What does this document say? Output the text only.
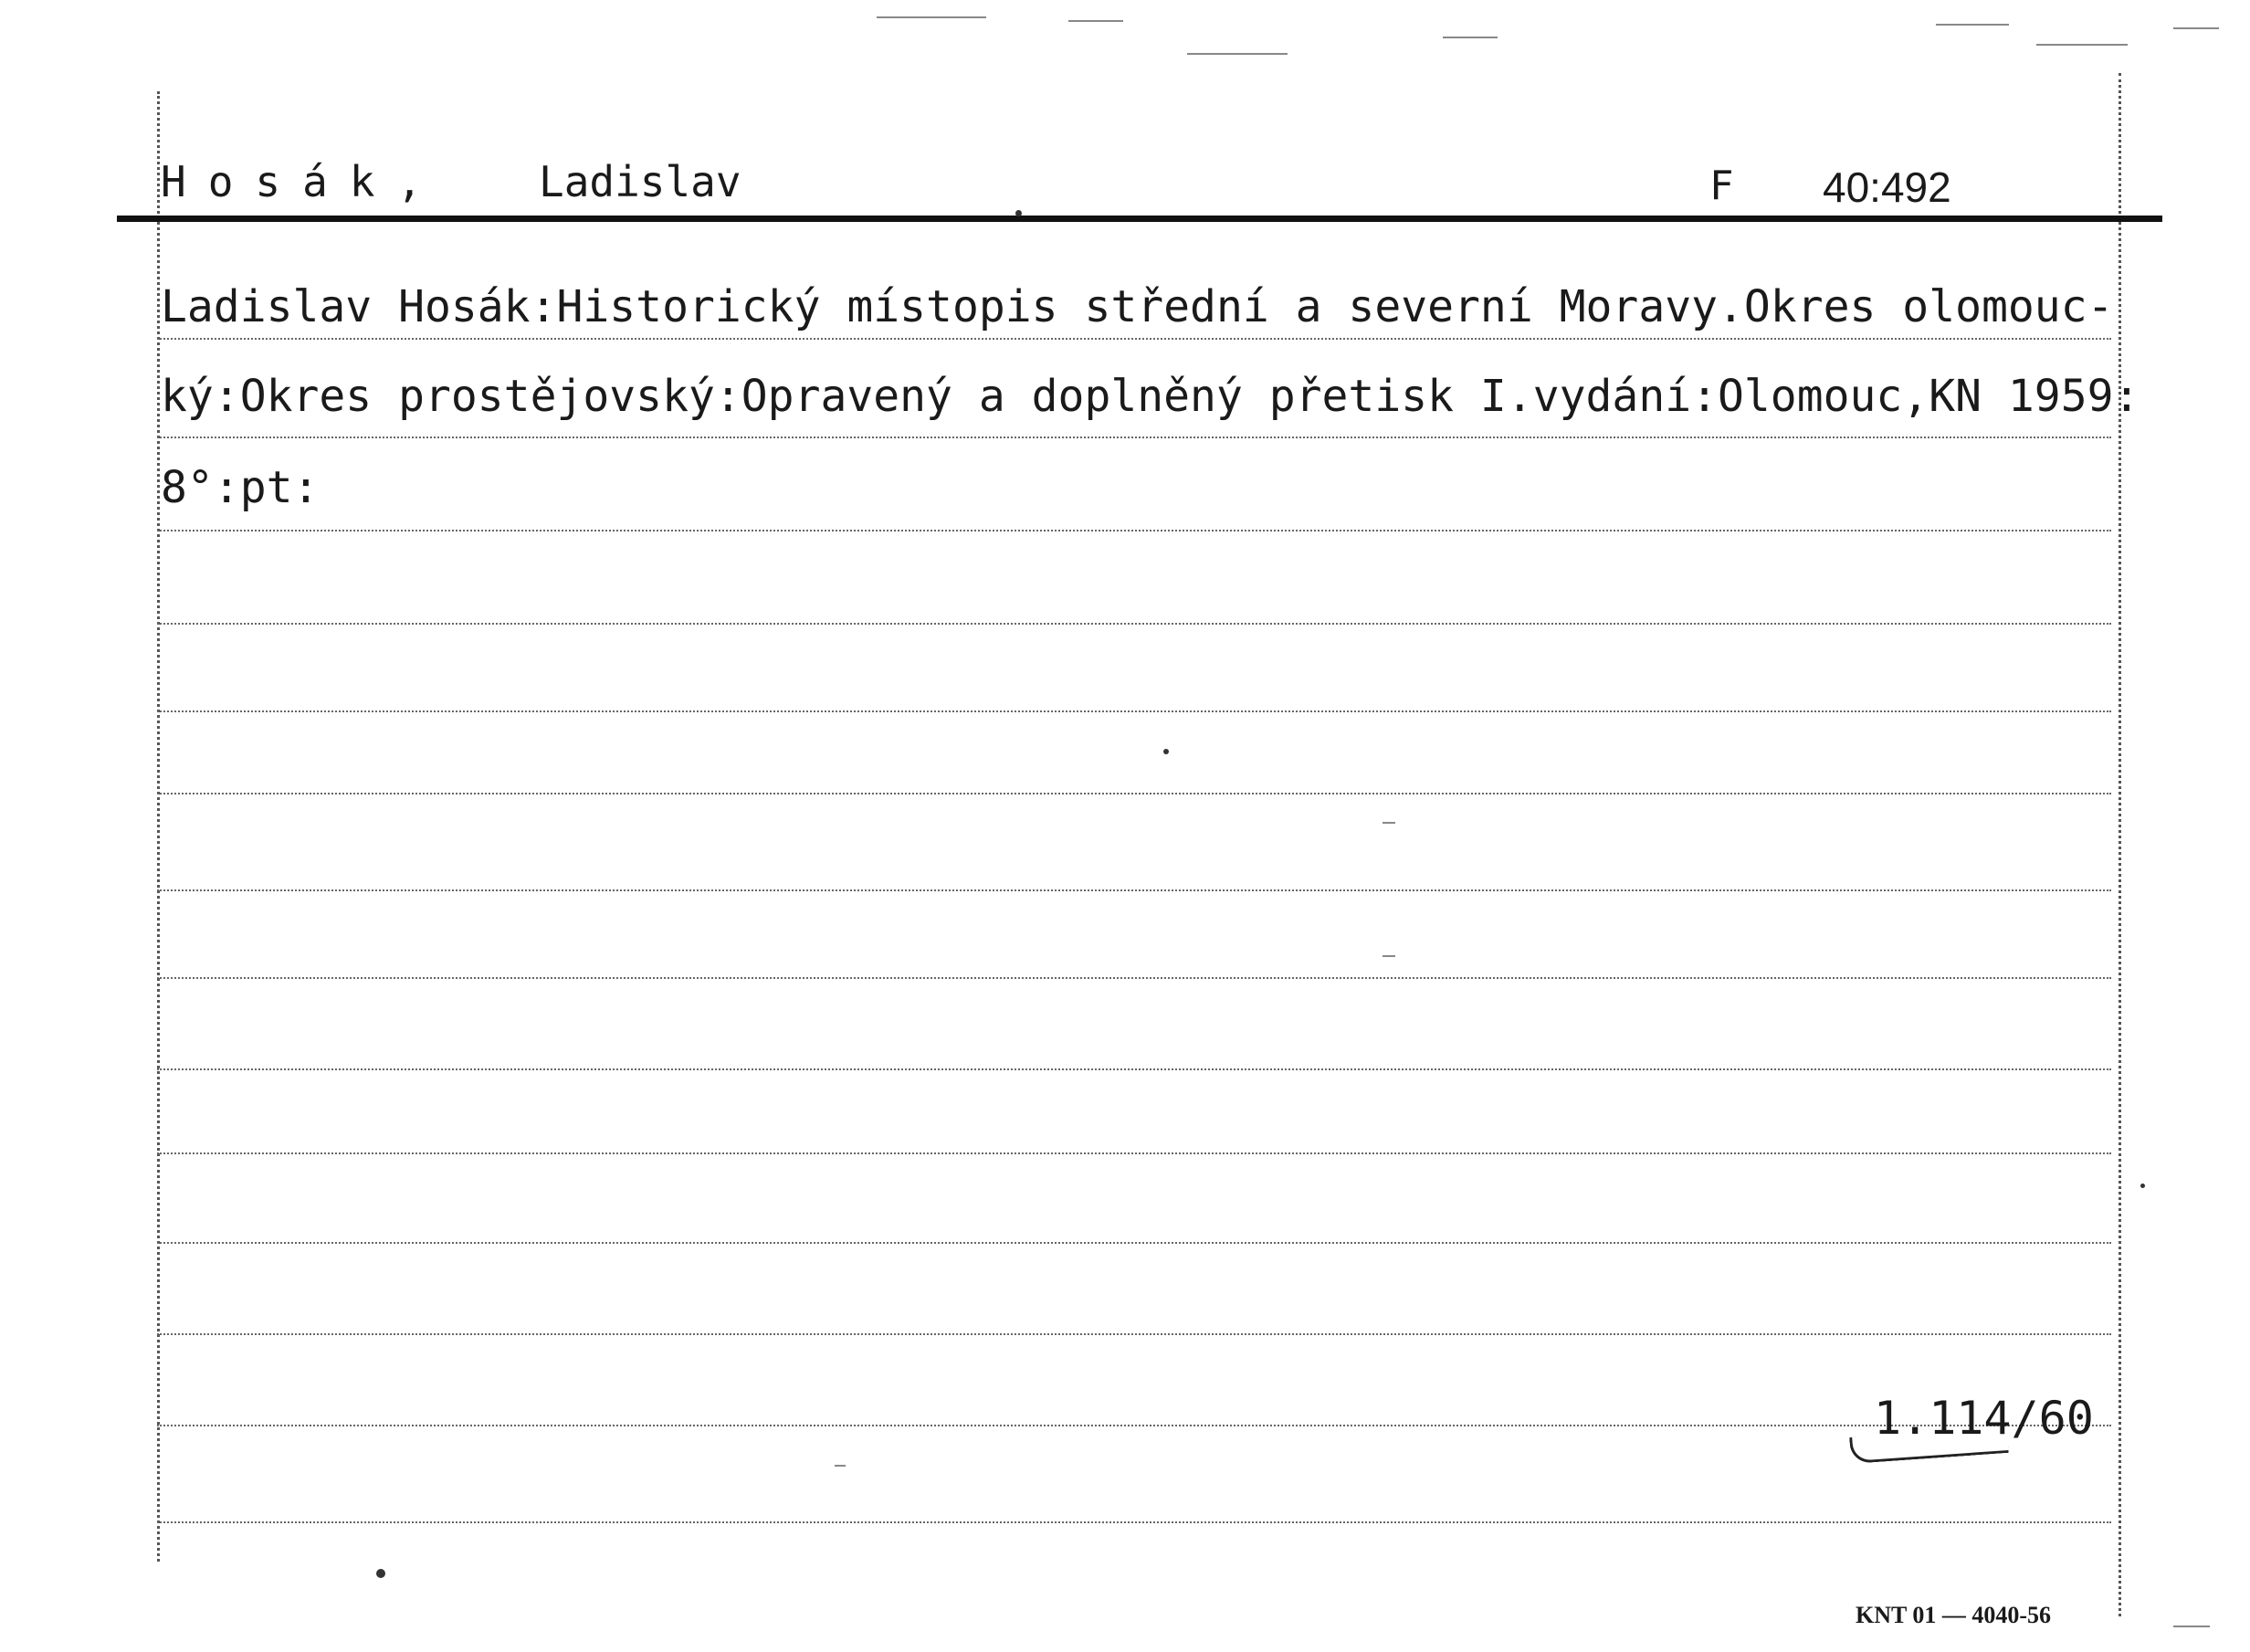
Hosák, Ladislav	F 40:492
Ladislav Hosák:Historický místopis střední a severní Moravy.Okres olomouc-
ký:Okres prostějovský:Opravený a doplněný přetisk I.vydání:Olomouc,KN 1959:
8°:pt:
1.114/60
KNT 01 — 4040-56
